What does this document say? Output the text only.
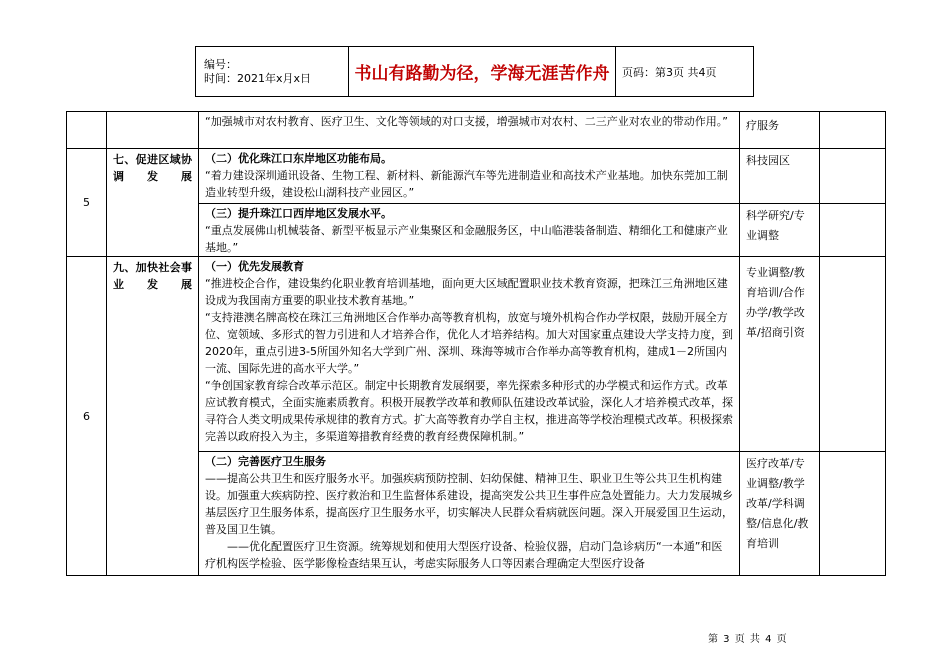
编号：
时间：2021年x月x日	书山有路勤为径，学海无涯苦作舟	页码：第3页 共4页

		“加强城市对农村教育、医疗卫生、文化等领域的对口支援，增强城市对农村、二三产业对农业的带动作用。”	疗服务	
5	七、促进区域协调发展	（二）优化珠江口东岸地区功能布局。
“着力建设深圳通讯设备、生物工程、新材料、新能源汽车等先进制造业和高技术产业基地。加快东莞加工制造业转型升级，建设松山湖科技产业园区。”	科技园区	

		（三）提升珠江口西岸地区发展水平。
“重点发展佛山机械装备、新型平板显示产业集聚区和金融服务区，中山临港装备制造、精细化工和健康产业基地。”	科学研究/专业调整	
6	九、加快社会事业发展	（一）优先发展教育
“推进校企合作，建设集约化职业教育培训基地，面向更大区域配置职业技术教育资源，把珠江三角洲地区建设成为我国南方重要的职业技术教育基地。”
“支持港澳名牌高校在珠江三角洲地区合作举办高等教育机构，放宽与境外机构合作办学权限，鼓励开展全方位、宽领域、多形式的智力引进和人才培养合作，优化人才培养结构。加大对国家重点建设大学支持力度，到2020年，重点引进3-5所国外知名大学到广州、深圳、珠海等城市合作举办高等教育机构，建成1－2所国内一流、国际先进的高水平大学。”
“争创国家教育综合改革示范区。制定中长期教育发展纲要，率先探索多种形式的办学模式和运作方式。改革应试教育模式，全面实施素质教育。积极开展教学改革和教师队伍建设改革试验，深化人才培养模式改革，探寻符合人类文明成果传承规律的教育方式。扩大高等教育办学自主权，推进高等学校治理模式改革。积极探索完善以政府投入为主，多渠道筹措教育经费的教育经费保障机制。”	专业调整/教育培训/合作办学/教学改革/招商引资	

		（二）完善医疗卫生服务
——提高公共卫生和医疗服务水平。加强疾病预防控制、妇幼保健、精神卫生、职业卫生等公共卫生机构建设。加强重大疾病防控、医疗救治和卫生监督体系建设，提高突发公共卫生事件应急处置能力。大力发展城乡基层医疗卫生服务体系，提高医疗卫生服务水平，切实解决人民群众看病就医问题。深入开展爱国卫生运动，普及国卫生镇。
——优化配置医疗卫生资源。统筹规划和使用大型医疗设备、检验仪器，启动门急诊病历“一本通”和医疗机构医学检验、医学影像检查结果互认，考虑实际服务人口等因素合理确定大型医疗设备	医疗改革/专业调整/教学改革/学科调整/信息化/教育培训	
第 3 页 共 4 页
